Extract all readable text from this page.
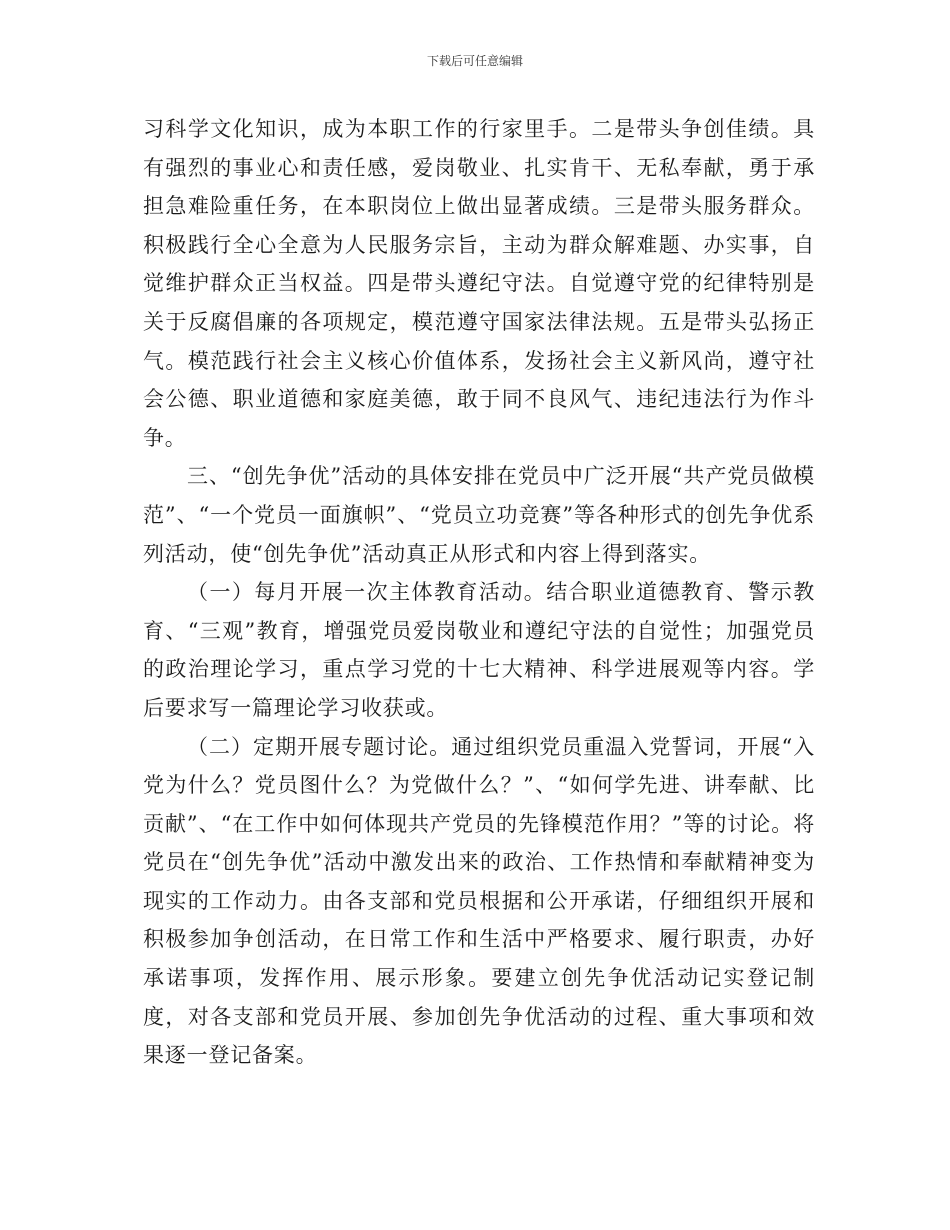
下载后可任意编辑

习科学文化知识，成为本职工作的行家里手。二是带头争创佳绩。具有强烈的事业心和责任感，爱岗敬业、扎实肯干、无私奉献，勇于承担急难险重任务，在本职岗位上做出显著成绩。三是带头服务群众。积极践行全心全意为人民服务宗旨，主动为群众解难题、办实事，自觉维护群众正当权益。四是带头遵纪守法。自觉遵守党的纪律特别是关于反腐倡廉的各项规定，模范遵守国家法律法规。五是带头弘扬正气。模范践行社会主义核心价值体系，发扬社会主义新风尚，遵守社会公德、职业道德和家庭美德，敢于同不良风气、违纪违法行为作斗争。

三、“创先争优”活动的具体安排在党员中广泛开展“共产党员做模范”、“一个党员一面旗帜”、“党员立功竞赛”等各种形式的创先争优系列活动，使“创先争优”活动真正从形式和内容上得到落实。

（一）每月开展一次主体教育活动。结合职业道德教育、警示教育、“三观”教育，增强党员爱岗敬业和遵纪守法的自觉性；加强党员的政治理论学习，重点学习党的十七大精神、科学进展观等内容。学后要求写一篇理论学习收获或。

（二）定期开展专题讨论。通过组织党员重温入党誓词，开展“入党为什么？党员图什么？为党做什么？”、“如何学先进、讲奉献、比贡献”、“在工作中如何体现共产党员的先锋模范作用？”等的讨论。将党员在“创先争优”活动中激发出来的政治、工作热情和奉献精神变为现实的工作动力。由各支部和党员根据和公开承诺，仔细组织开展和积极参加争创活动，在日常工作和生活中严格要求、履行职责，办好承诺事项，发挥作用、展示形象。要建立创先争优活动记实登记制度，对各支部和党员开展、参加创先争优活动的过程、重大事项和效果逐一登记备案。
